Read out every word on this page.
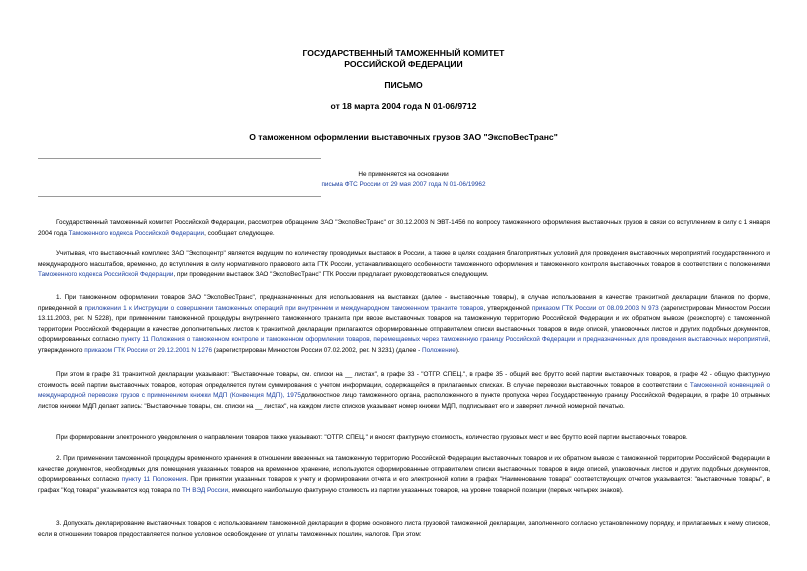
ГОСУДАРСТВЕННЫЙ ТАМОЖЕННЫЙ КОМИТЕТ
РОССИЙСКОЙ ФЕДЕРАЦИИ
ПИСЬМО
от 18 марта 2004 года N 01-06/9712
О таможенном оформлении выставочных грузов ЗАО "ЭкспоВесТранс"
Не применяется на основании
письма ФТС России от 29 мая 2007 года N 01-06/19962

Государственный таможенный комитет Российской Федерации, рассмотрев обращение ЗАО "ЭкспоВесТранс" от 30.12.2003 N ЭВТ-1456 по вопросу таможенного оформления выставочных грузов в связи со вступлением в силу с 1 января 2004 года Таможенного кодекса Российской Федерации, сообщает следующее.

Учитывая, что выставочный комплекс ЗАО "Экспоцентр" является ведущим по количеству проводимых выставок в России, а также в целях создания благоприятных условий для проведения выставочных мероприятий государственного и международного масштабов, временно, до вступления в силу нормативного правового акта ГТК России, устанавливающего особенности таможенного оформления и таможенного контроля выставочных товаров в соответствии с положениями Таможенного кодекса Российской Федерации, при проведении выставок ЗАО "ЭкспоВесТранс" ГТК России предлагает руководствоваться следующим.

1. При таможенном оформлении товаров ЗАО "ЭкспоВесТранс", предназначенных для использования на выставках (далее - выставочные товары), в случае использования в качестве транзитной декларации бланков по форме, приведенной в приложении 1 к Инструкции о совершении таможенных операций при внутреннем и международном таможенном транзите товаров, утвержденной приказом ГТК России от 08.09.2003 N 973 (зарегистрирован Минюстом России 13.11.2003, рег. N 5228), при применении таможенной процедуры внутреннего таможенного транзита при ввозе выставочных товаров на таможенную территорию Российской Федерации и их обратном вывозе (реэкспорте) с таможенной территории Российской Федерации в качестве дополнительных листов к транзитной декларации прилагаются сформированные отправителем списки выставочных товаров в виде описей, упаковочных листов и других подобных документов, сформированных согласно пункту 11 Положения о таможенном контроле и таможенном оформлении товаров, перемещаемых через таможенную границу Российской Федерации и предназначенных для проведения выставочных мероприятий, утвержденного приказом ГТК России от 29.12.2001 N 1276 (зарегистрирован Минюстом России 07.02.2002, рег. N 3231) (далее - Положение).

При этом в графе 31 транзитной декларации указывают: "Выставочные товары, см. списки на __ листах", в графе 33 - "ОТГР. СПЕЦ.", в графе 35 - общий вес брутто всей партии выставочных товаров, в графе 42 - общую фактурную стоимость всей партии выставочных товаров, которая определяется путем суммирования с учетом информации, содержащейся в прилагаемых списках. В случае перевозки выставочных товаров в соответствии с Таможенной конвенцией о международной перевозке грузов с применением книжки МДП (Конвенция МДП), 1975должностное лицо таможенного органа, расположенного в пункте пропуска через Государственную границу Российской Федерации, в графе 10 отрывных листов книжки МДП делает запись: "Выставочные товары, см. списки на __ листах", на каждом листе списков указывает номер книжки МДП, подписывает его и заверяет личной номерной печатью.

При формировании электронного уведомления о направлении товаров также указывают: "ОТГР. СПЕЦ." и вносят фактурную стоимость, количество грузовых мест и вес брутто всей партии выставочных товаров.

2. При применении таможенной процедуры временного хранения в отношении ввезенных на таможенную территорию Российской Федерации выставочных товаров и их обратном вывозе с таможенной территории Российской Федерации в качестве документов, необходимых для помещения указанных товаров на временное хранение, используются сформированные отправителем списки выставочных товаров в виде описей, упаковочных листов и других подобных документов, сформированных согласно пункту 11 Положения. При принятии указанных товаров к учету и формировании отчета и его электронной копии в графах "Наименование товара" соответствующих отчетов указывается: "выставочные товары", в графах "Код товара" указывается код товара по ТН ВЭД России, имеющего наибольшую фактурную стоимость из партии указанных товаров, на уровне товарной позиции (первых четырех знаков).

3. Допускать декларирование выставочных товаров с использованием таможенной декларации в форме основного листа грузовой таможенной декларации, заполненного согласно установленному порядку, и прилагаемых к нему списков, если в отношении товаров предоставляется полное условное освобождение от уплаты таможенных пошлин, налогов. При этом:
